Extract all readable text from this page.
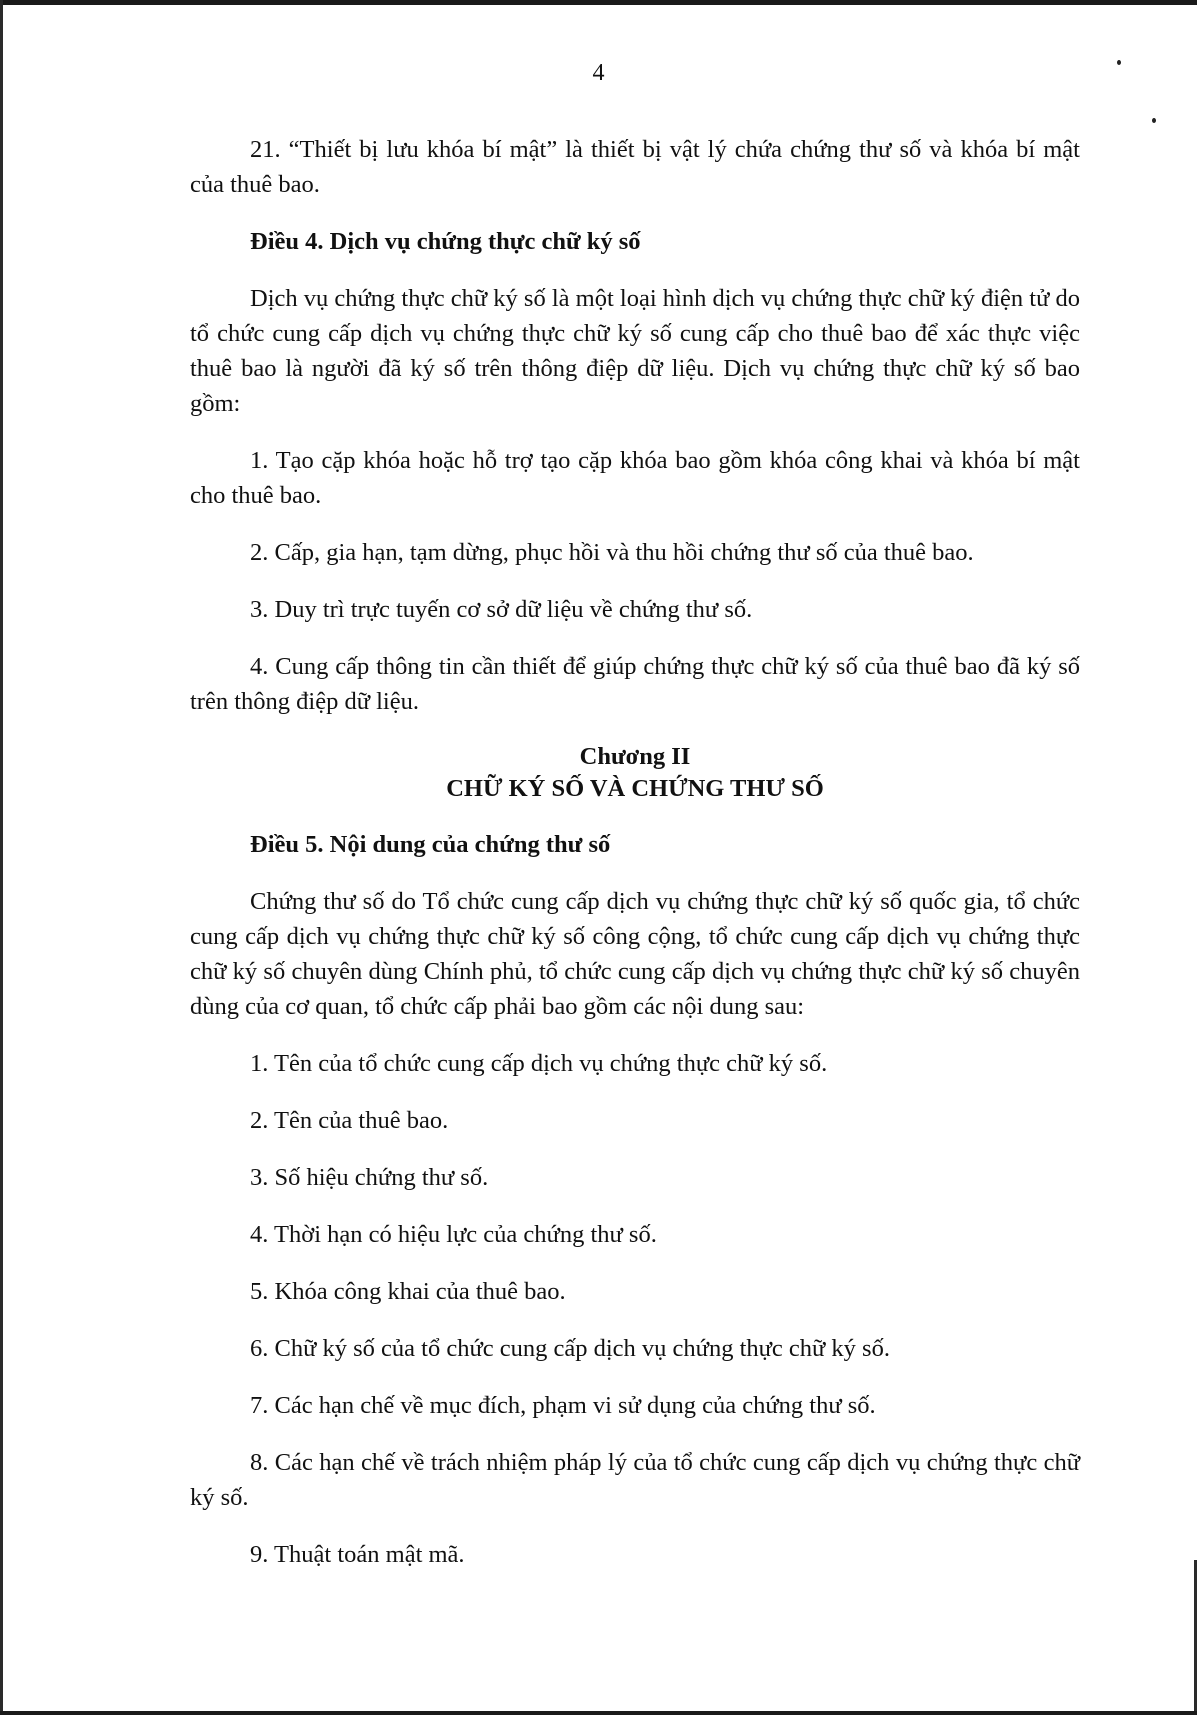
4

21. “Thiết bị lưu khóa bí mật” là thiết bị vật lý chứa chứng thư số và khóa bí mật của thuê bao.

Điều 4. Dịch vụ chứng thực chữ ký số

Dịch vụ chứng thực chữ ký số là một loại hình dịch vụ chứng thực chữ ký điện tử do tổ chức cung cấp dịch vụ chứng thực chữ ký số cung cấp cho thuê bao để xác thực việc thuê bao là người đã ký số trên thông điệp dữ liệu. Dịch vụ chứng thực chữ ký số bao gồm:

1. Tạo cặp khóa hoặc hỗ trợ tạo cặp khóa bao gồm khóa công khai và khóa bí mật cho thuê bao.

2. Cấp, gia hạn, tạm dừng, phục hồi và thu hồi chứng thư số của thuê bao.

3. Duy trì trực tuyến cơ sở dữ liệu về chứng thư số.

4. Cung cấp thông tin cần thiết để giúp chứng thực chữ ký số của thuê bao đã ký số trên thông điệp dữ liệu.

Chương II
CHỮ KÝ SỐ VÀ CHỨNG THƯ SỐ
Điều 5. Nội dung của chứng thư số

Chứng thư số do Tổ chức cung cấp dịch vụ chứng thực chữ ký số quốc gia, tổ chức cung cấp dịch vụ chứng thực chữ ký số công cộng, tổ chức cung cấp dịch vụ chứng thực chữ ký số chuyên dùng Chính phủ, tổ chức cung cấp dịch vụ chứng thực chữ ký số chuyên dùng của cơ quan, tổ chức cấp phải bao gồm các nội dung sau:

1. Tên của tổ chức cung cấp dịch vụ chứng thực chữ ký số.

2. Tên của thuê bao.

3. Số hiệu chứng thư số.

4. Thời hạn có hiệu lực của chứng thư số.

5. Khóa công khai của thuê bao.

6. Chữ ký số của tổ chức cung cấp dịch vụ chứng thực chữ ký số.

7. Các hạn chế về mục đích, phạm vi sử dụng của chứng thư số.

8. Các hạn chế về trách nhiệm pháp lý của tổ chức cung cấp dịch vụ chứng thực chữ ký số.

9. Thuật toán mật mã.
